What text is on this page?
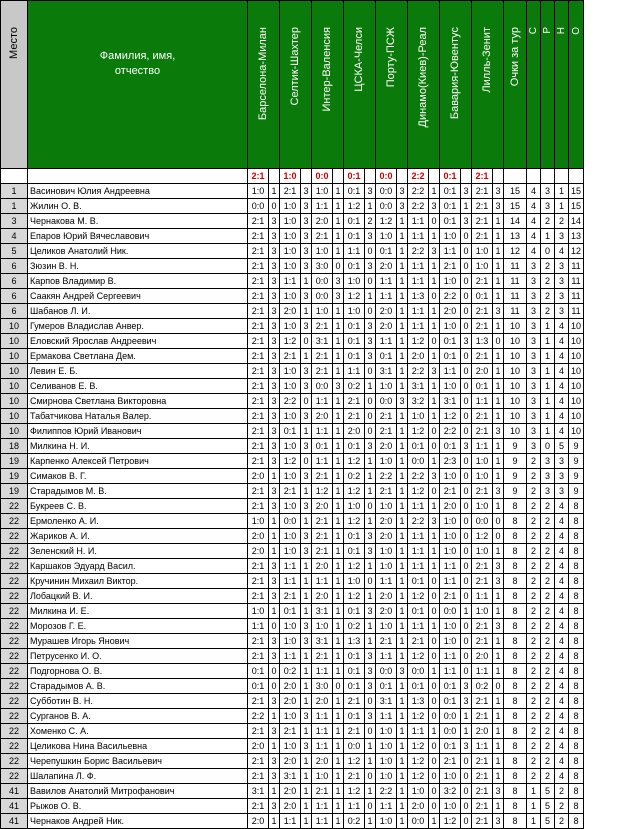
Место	Фамилия, имя, отчество	Барселона-Милан		Селтик-Шахтер		Интер-Валенсия		ЦСКА-Челси		Порту-ПСЖ		Динамо(Киев)-Реал		Бавария-Ювентус		Лилль-Зенит		Очки за тур	С	Р	Н	О

		2:1		1:0		0:0		0:1		0:0		2:2		0:1		2:1						
1	Васинович Юлия Андреевна	1:0	1	2:1	3	1:0	1	0:1	3	0:0	3	2:2	1	0:1	3	2:1	3	15	4	3	1	15
1	Жилин О. В.	0:0	0	1:0	3	1:1	1	1:2	1	0:0	3	2:2	3	0:1	1	2:1	3	15	4	3	1	15
3	Чернакова М. В.	2:1	3	1:0	3	2:0	1	0:1	2	1:2	1	1:1	0	0:1	3	2:1	1	14	4	2	2	14
4	Епаров Юрий Вячеславович	2:1	3	1:0	3	2:1	1	0:1	3	1:0	1	1:1	1	1:0	0	2:1	1	13	4	1	3	13
5	Целиков Анатолий Ник.	2:1	3	1:0	3	1:0	1	1:1	0	0:1	1	2:2	3	1:1	0	1:0	1	12	4	0	4	12
6	Зюзин В. Н.	2:1	3	1:0	3	3:0	0	0:1	3	2:0	1	1:1	1	2:1	0	1:0	1	11	3	2	3	11
6	Карпов Владимир В.	2:1	3	1:1	1	0:0	3	1:0	0	1:1	1	1:1	1	1:0	0	2:1	1	11	3	2	3	11
6	Саакян Андрей Сергеевич	2:1	3	1:0	3	0:0	3	1:2	1	1:1	1	1:3	0	2:2	0	0:1	1	11	3	2	3	11
6	Шабанов Л. И.	2:1	3	2:0	1	1:0	1	1:0	0	2:0	1	1:1	1	2:0	0	2:1	3	11	3	2	3	11
10	Гумеров Владислав Анвер.	2:1	3	1:0	3	2:1	1	0:1	3	2:0	1	1:1	1	1:0	0	2:1	1	10	3	1	4	10
10	Еловский Ярослав Андреевич	2:1	3	1:2	0	3:1	1	0:1	3	1:1	1	1:2	0	0:1	3	1:3	0	10	3	1	4	10
10	Ермакова Светлана Дем.	2:1	3	2:1	1	2:1	1	0:1	3	0:1	1	2:0	1	0:1	0	2:1	1	10	3	1	4	10
10	Левин Е. Б.	2:1	3	1:0	3	2:1	1	1:1	0	3:1	1	2:2	3	1:1	0	2:0	1	10	3	1	4	10
10	Селиванов Е. В.	2:1	3	1:0	3	0:0	3	0:2	1	1:0	1	3:1	1	1:0	0	0:1	1	10	3	1	4	10
10	Смирнова Светлана Викторовна	2:1	3	2:2	0	1:1	1	2:1	0	0:0	3	3:2	1	3:1	0	1:1	1	10	3	1	4	10
10	Табатчикова Наталья Валер.	2:1	3	1:0	3	2:0	1	2:1	0	2:1	1	1:0	1	1:2	0	2:1	1	10	3	1	4	10
10	Филиппов Юрий Иванович	2:1	3	0:1	1	1:1	1	2:0	0	2:1	1	1:2	0	2:2	0	2:1	3	10	3	1	4	10
18	Милкина Н. И.	2:1	3	1:0	3	0:1	1	0:1	3	2:0	1	0:1	0	0:1	3	1:1	1	9	3	0	5	9
19	Карпенко Алексей Петрович	2:1	3	1:2	0	1:1	1	1:2	1	1:0	1	0:0	1	2:3	0	1:0	1	9	2	3	3	9
19	Симаков В. Г.	2:0	1	1:0	3	2:1	1	0:2	1	2:2	1	2:2	3	1:0	0	1:0	1	9	2	3	3	9
19	Старадымов М. В.	2:1	3	2:1	1	1:2	1	1:2	1	2:1	1	1:2	0	2:1	0	2:1	3	9	2	3	3	9
22	Букреев С. В.	2:1	3	1:0	3	2:0	1	1:0	0	1:0	1	1:1	1	2:0	0	1:0	1	8	2	2	4	8
22	Ермоленко А. И.	1:0	1	0:0	1	2:1	1	1:2	1	2:0	1	2:2	3	1:0	0	0:0	0	8	2	2	4	8
22	Жариков А. И.	2:0	1	1:0	3	2:1	1	0:1	3	2:0	1	1:1	1	1:0	0	1:2	0	8	2	2	4	8
22	Зеленский Н. И.	2:0	1	1:0	3	2:1	1	0:1	3	1:0	1	1:1	1	1:0	0	1:0	1	8	2	2	4	8
22	Каршаков Эдуард Васил.	2:1	3	1:1	1	2:0	1	1:2	1	1:0	1	1:1	1	1:1	0	2:1	3	8	2	2	4	8
22	Кручинин Михаил Виктор.	2:1	3	1:1	1	1:1	1	1:0	0	1:1	1	0:1	0	1:1	0	2:1	3	8	2	2	4	8
22	Лобацкий В. И.	2:1	3	2:1	1	2:0	1	1:2	1	2:0	1	1:2	0	2:1	0	1:1	1	8	2	2	4	8
22	Милкина И. Е.	1:0	1	0:1	1	3:1	1	0:1	3	2:0	1	0:1	0	0:0	1	1:0	1	8	2	2	4	8
22	Морозов Г. Е.	1:1	0	1:0	3	1:0	1	0:2	1	1:0	1	1:1	1	1:0	0	2:1	3	8	2	2	4	8
22	Мурашев Игорь Янович	2:1	3	1:0	3	3:1	1	1:3	1	2:1	1	2:1	0	1:0	0	2:1	1	8	2	2	4	8
22	Петрусенко И. О.	2:1	3	1:1	1	2:1	1	0:1	3	1:1	1	1:2	0	1:1	0	2:0	1	8	2	2	4	8
22	Подгорнова О. В.	0:1	0	0:2	1	1:1	1	0:1	3	0:0	3	0:0	1	1:1	0	1:1	1	8	2	2	4	8
22	Старадымов А. В.	0:1	0	2:0	1	3:0	0	0:1	3	0:1	1	0:1	0	0:1	3	0:2	0	8	2	2	4	8
22	Субботин В. Н.	2:1	3	2:0	1	2:0	1	2:1	0	3:1	1	1:3	0	0:1	3	2:1	1	8	2	2	4	8
22	Сурганов В. А.	2:2	1	1:0	3	1:1	1	0:1	3	1:1	1	1:2	0	0:0	1	2:1	1	8	2	2	4	8
22	Хоменко С. А.	2:1	3	2:1	1	1:1	1	2:1	0	1:0	1	1:1	1	0:0	1	2:0	1	8	2	2	4	8
22	Целикова Нина Васильевна	2:0	1	1:0	3	1:1	1	0:0	1	1:0	1	1:2	0	0:1	3	1:1	1	8	2	2	4	8
22	Черепушкин Борис Васильевич	2:1	3	2:0	1	2:0	1	1:2	1	1:0	1	1:2	0	2:1	0	2:1	1	8	2	2	4	8
22	Шалапина Л. Ф.	2:1	3	3:1	1	1:0	1	2:1	0	1:0	1	1:2	0	1:0	0	2:1	1	8	2	2	4	8
41	Вавилов Анатолий Митрофанович	3:1	1	2:0	1	2:1	1	1:2	1	2:2	1	1:0	0	3:2	0	2:1	3	8	1	5	2	8
41	Рыжов О. В.	2:1	3	2:0	1	1:1	1	1:1	0	1:1	1	2:0	0	1:0	0	2:1	1	8	1	5	2	8
41	Чернаков Андрей Ник.	2:0	1	1:1	1	1:1	1	0:2	1	1:0	1	0:0	1	1:2	0	2:1	3	8	1	5	2	8
